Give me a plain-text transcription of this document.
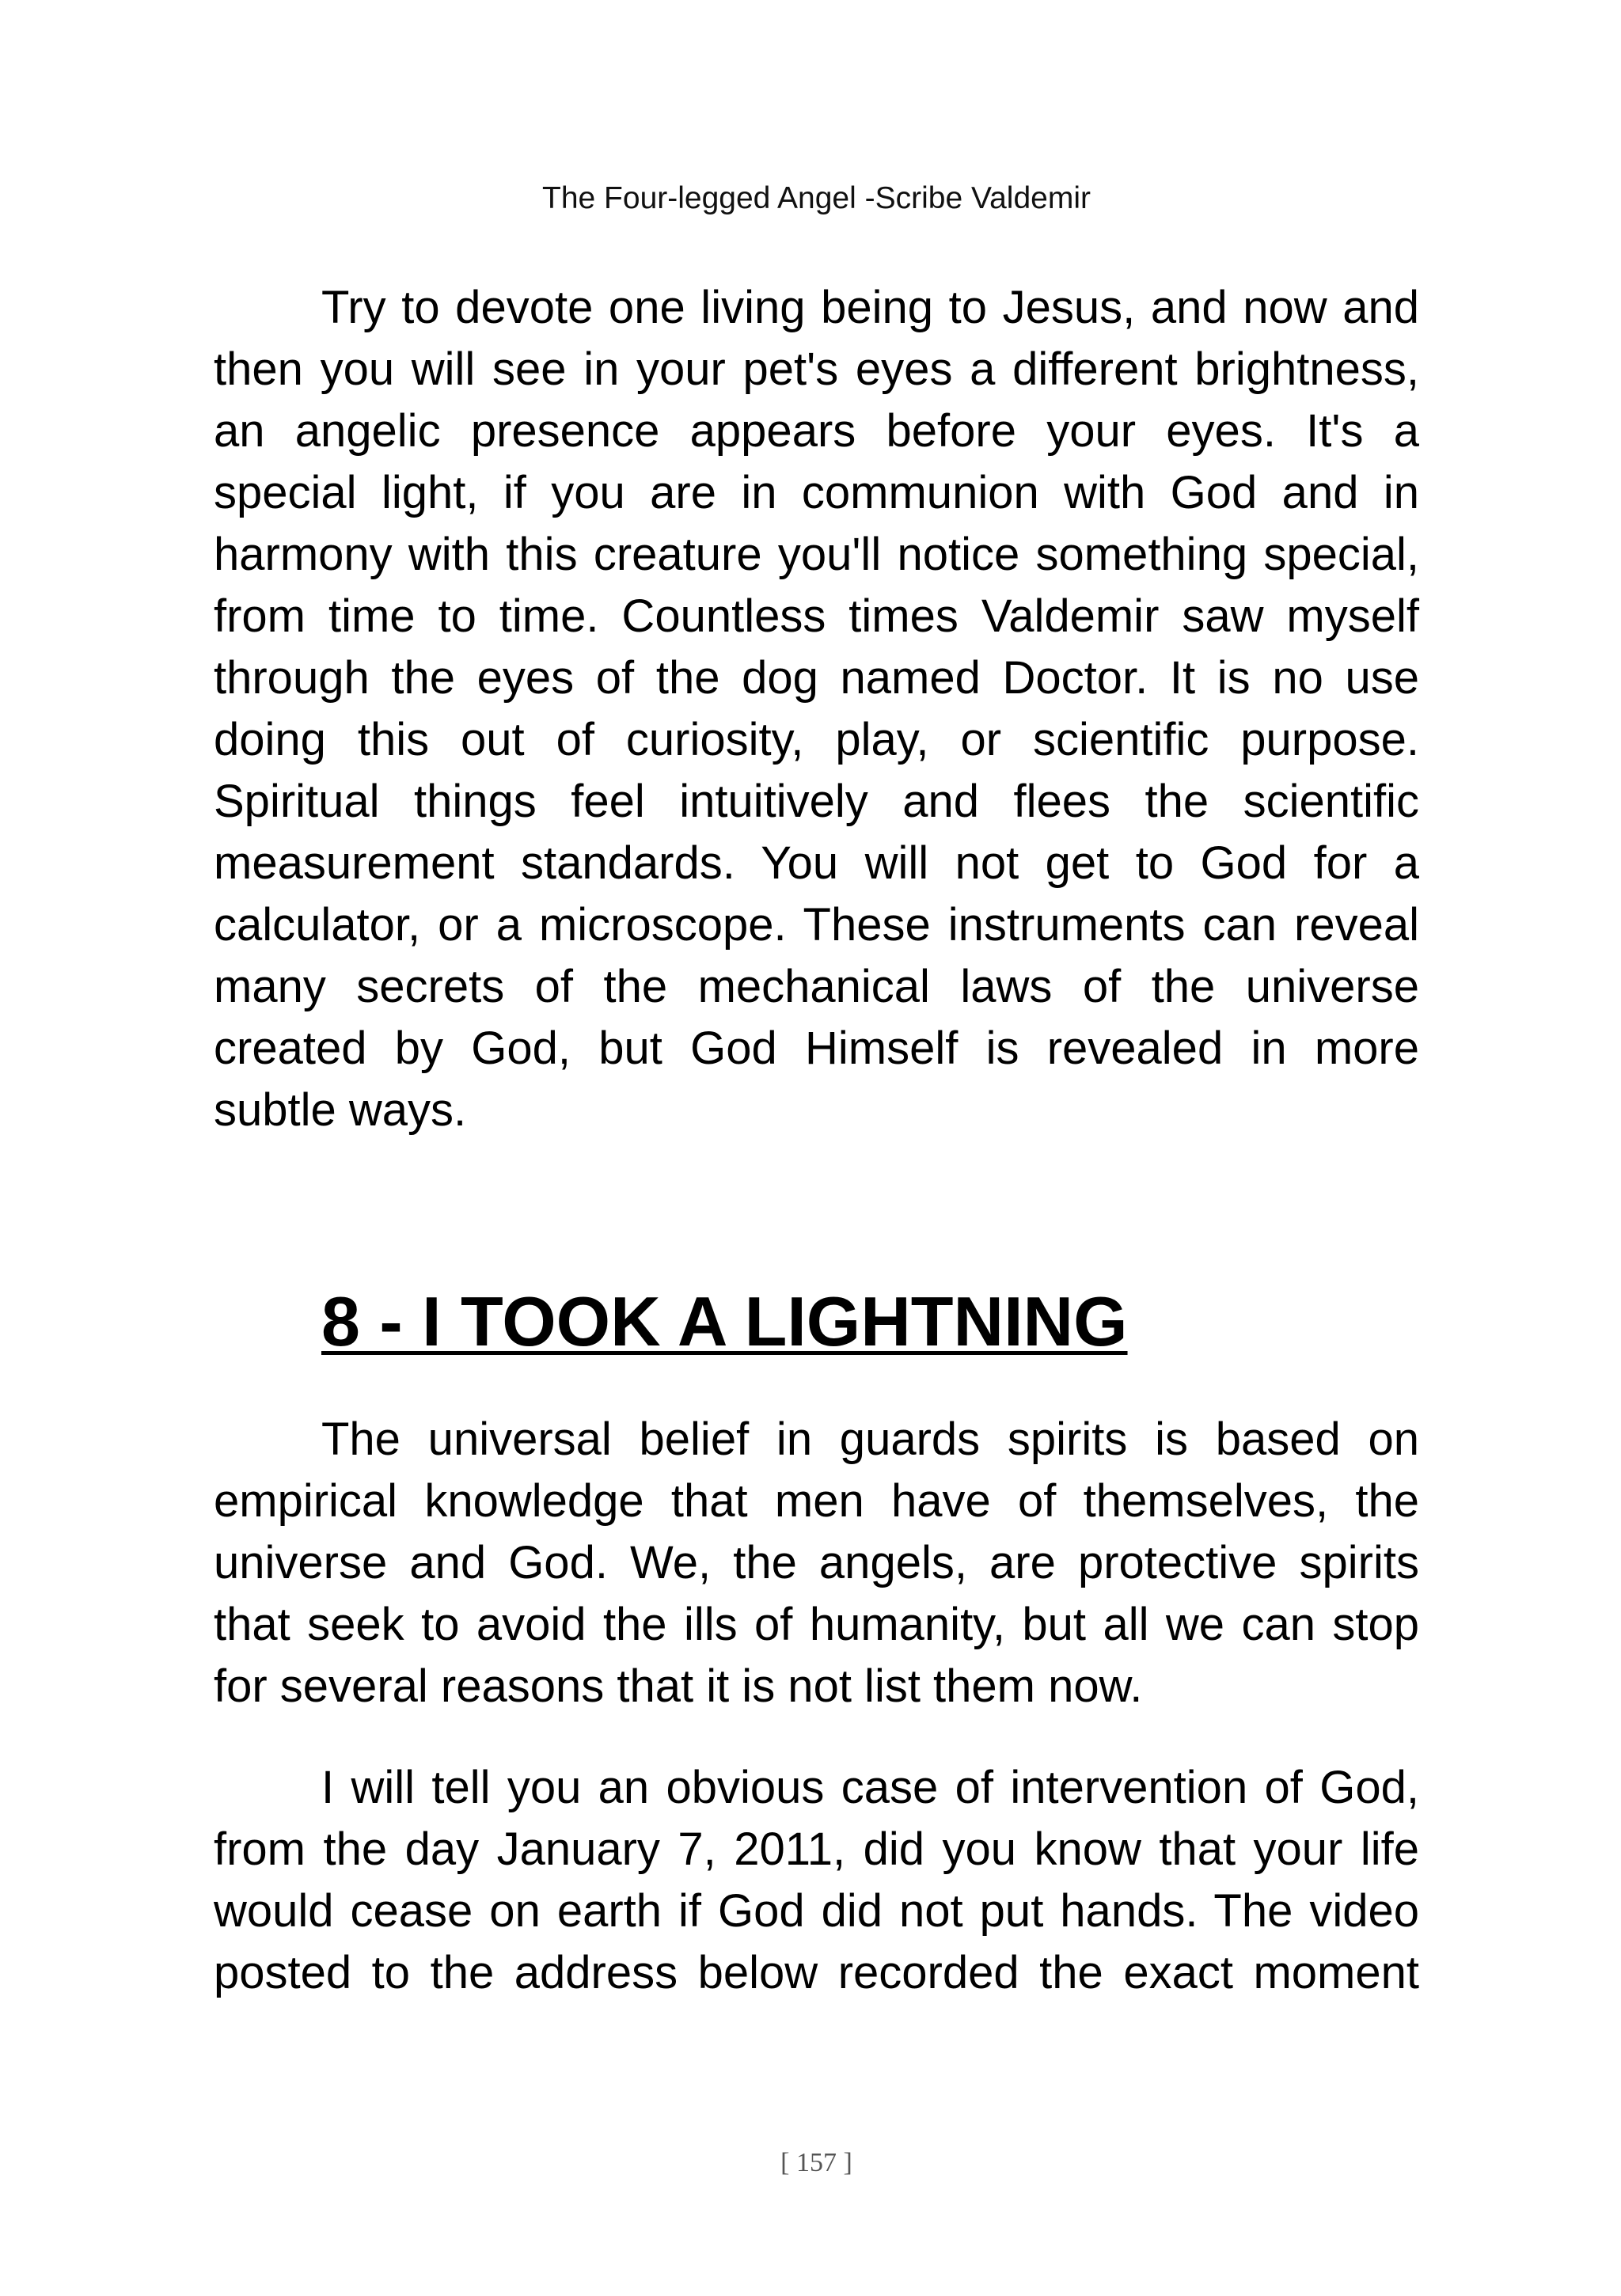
The Four-legged Angel -Scribe Valdemir
Try to devote one living being to Jesus, and now and
then you will see in your pet's eyes a different brightness,
an angelic presence appears before your eyes. It's a
special light, if you are in communion with God and in
harmony with this creature you'll notice something special,
from time to time. Countless times Valdemir saw myself
through the eyes of the dog named Doctor. It is no use
doing this out of curiosity, play, or scientific purpose.
Spiritual things feel intuitively and flees the scientific
measurement standards. You will not get to God for a
calculator, or a microscope. These instruments can reveal
many secrets of the mechanical laws of the universe
created by God, but God Himself is revealed in more
subtle ways.
8 - I TOOK A LIGHTNING
The universal belief in guards spirits is based on
empirical knowledge that men have of themselves, the
universe and God. We, the angels, are protective spirits
that seek to avoid the ills of humanity, but all we can stop
for several reasons that it is not list them now.
I will tell you an obvious case of intervention of God,
from the day January 7, 2011, did you know that your life
would cease on earth if God did not put hands. The video
posted to the address below recorded the exact moment
[ 157 ]
